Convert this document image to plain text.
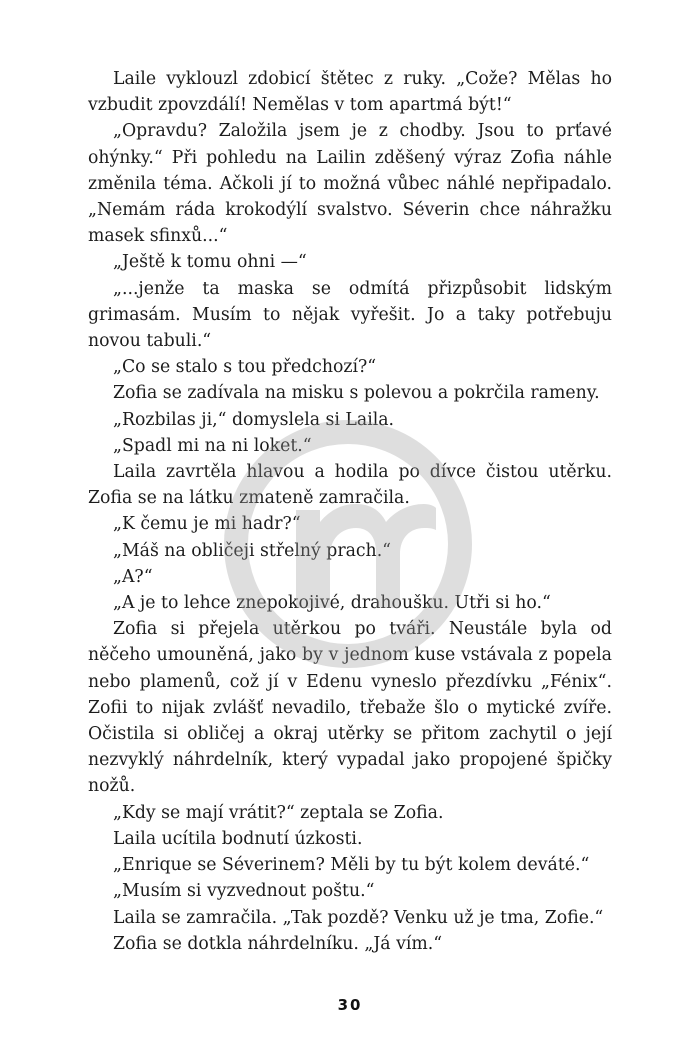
Laile vyklouzl zdobicí štětec z ruky. „Cože? Mělas ho vzbudit zpovzdálí! Nemělas v tom apartmá být!“

„Opravdu? Založila jsem je z chodby. Jsou to prťavé ohýnky.“ Při pohledu na Lailin zděšený výraz Zofia náhle změnila téma. Ačkoli jí to možná vůbec náhlé nepřipadalo. „Nemám ráda krokodýlí svalstvo. Séverin chce náhražku masek sfinxů...“

„Ještě k tomu ohni —“

„...jenže ta maska se odmítá přizpůsobit lidským grimasám. Musím to nějak vyřešit. Jo a taky potřebuju novou tabuli.“

„Co se stalo s tou předchozí?“

Zofia se zadívala na misku s polevou a pokrčila rameny.

„Rozbilas ji,“ domyslela si Laila.

„Spadl mi na ni loket.“

Laila zavrtěla hlavou a hodila po dívce čistou utěrku. Zofia se na látku zmateně zamračila.

„K čemu je mi hadr?“

„Máš na obličeji střelný prach.“

„A?“

„A je to lehce znepokojivé, drahoušku. Utři si ho.“

Zofia si přejela utěrkou po tváři. Neustále byla od něčeho umouněná, jako by v jednom kuse vstávala z popela nebo plamenů, což jí v Edenu vyneslo přezdívku „Fénix“. Zofii to nijak zvlášť nevadilo, třebaže šlo o mytické zvíře. Očistila si obličej a okraj utěrky se přitom zachytil o její nezvyklý náhrdelník, který vypadal jako propojené špičky nožů.

„Kdy se mají vrátit?“ zeptala se Zofia.

Laila ucítila bodnutí úzkosti.

„Enrique se Séverinem? Měli by tu být kolem deváté.“

„Musím si vyzvednout poštu.“

Laila se zamračila. „Tak pozdě? Venku už je tma, Zofie.“

Zofia se dotkla náhrdelníku. „Já vím.“

30
